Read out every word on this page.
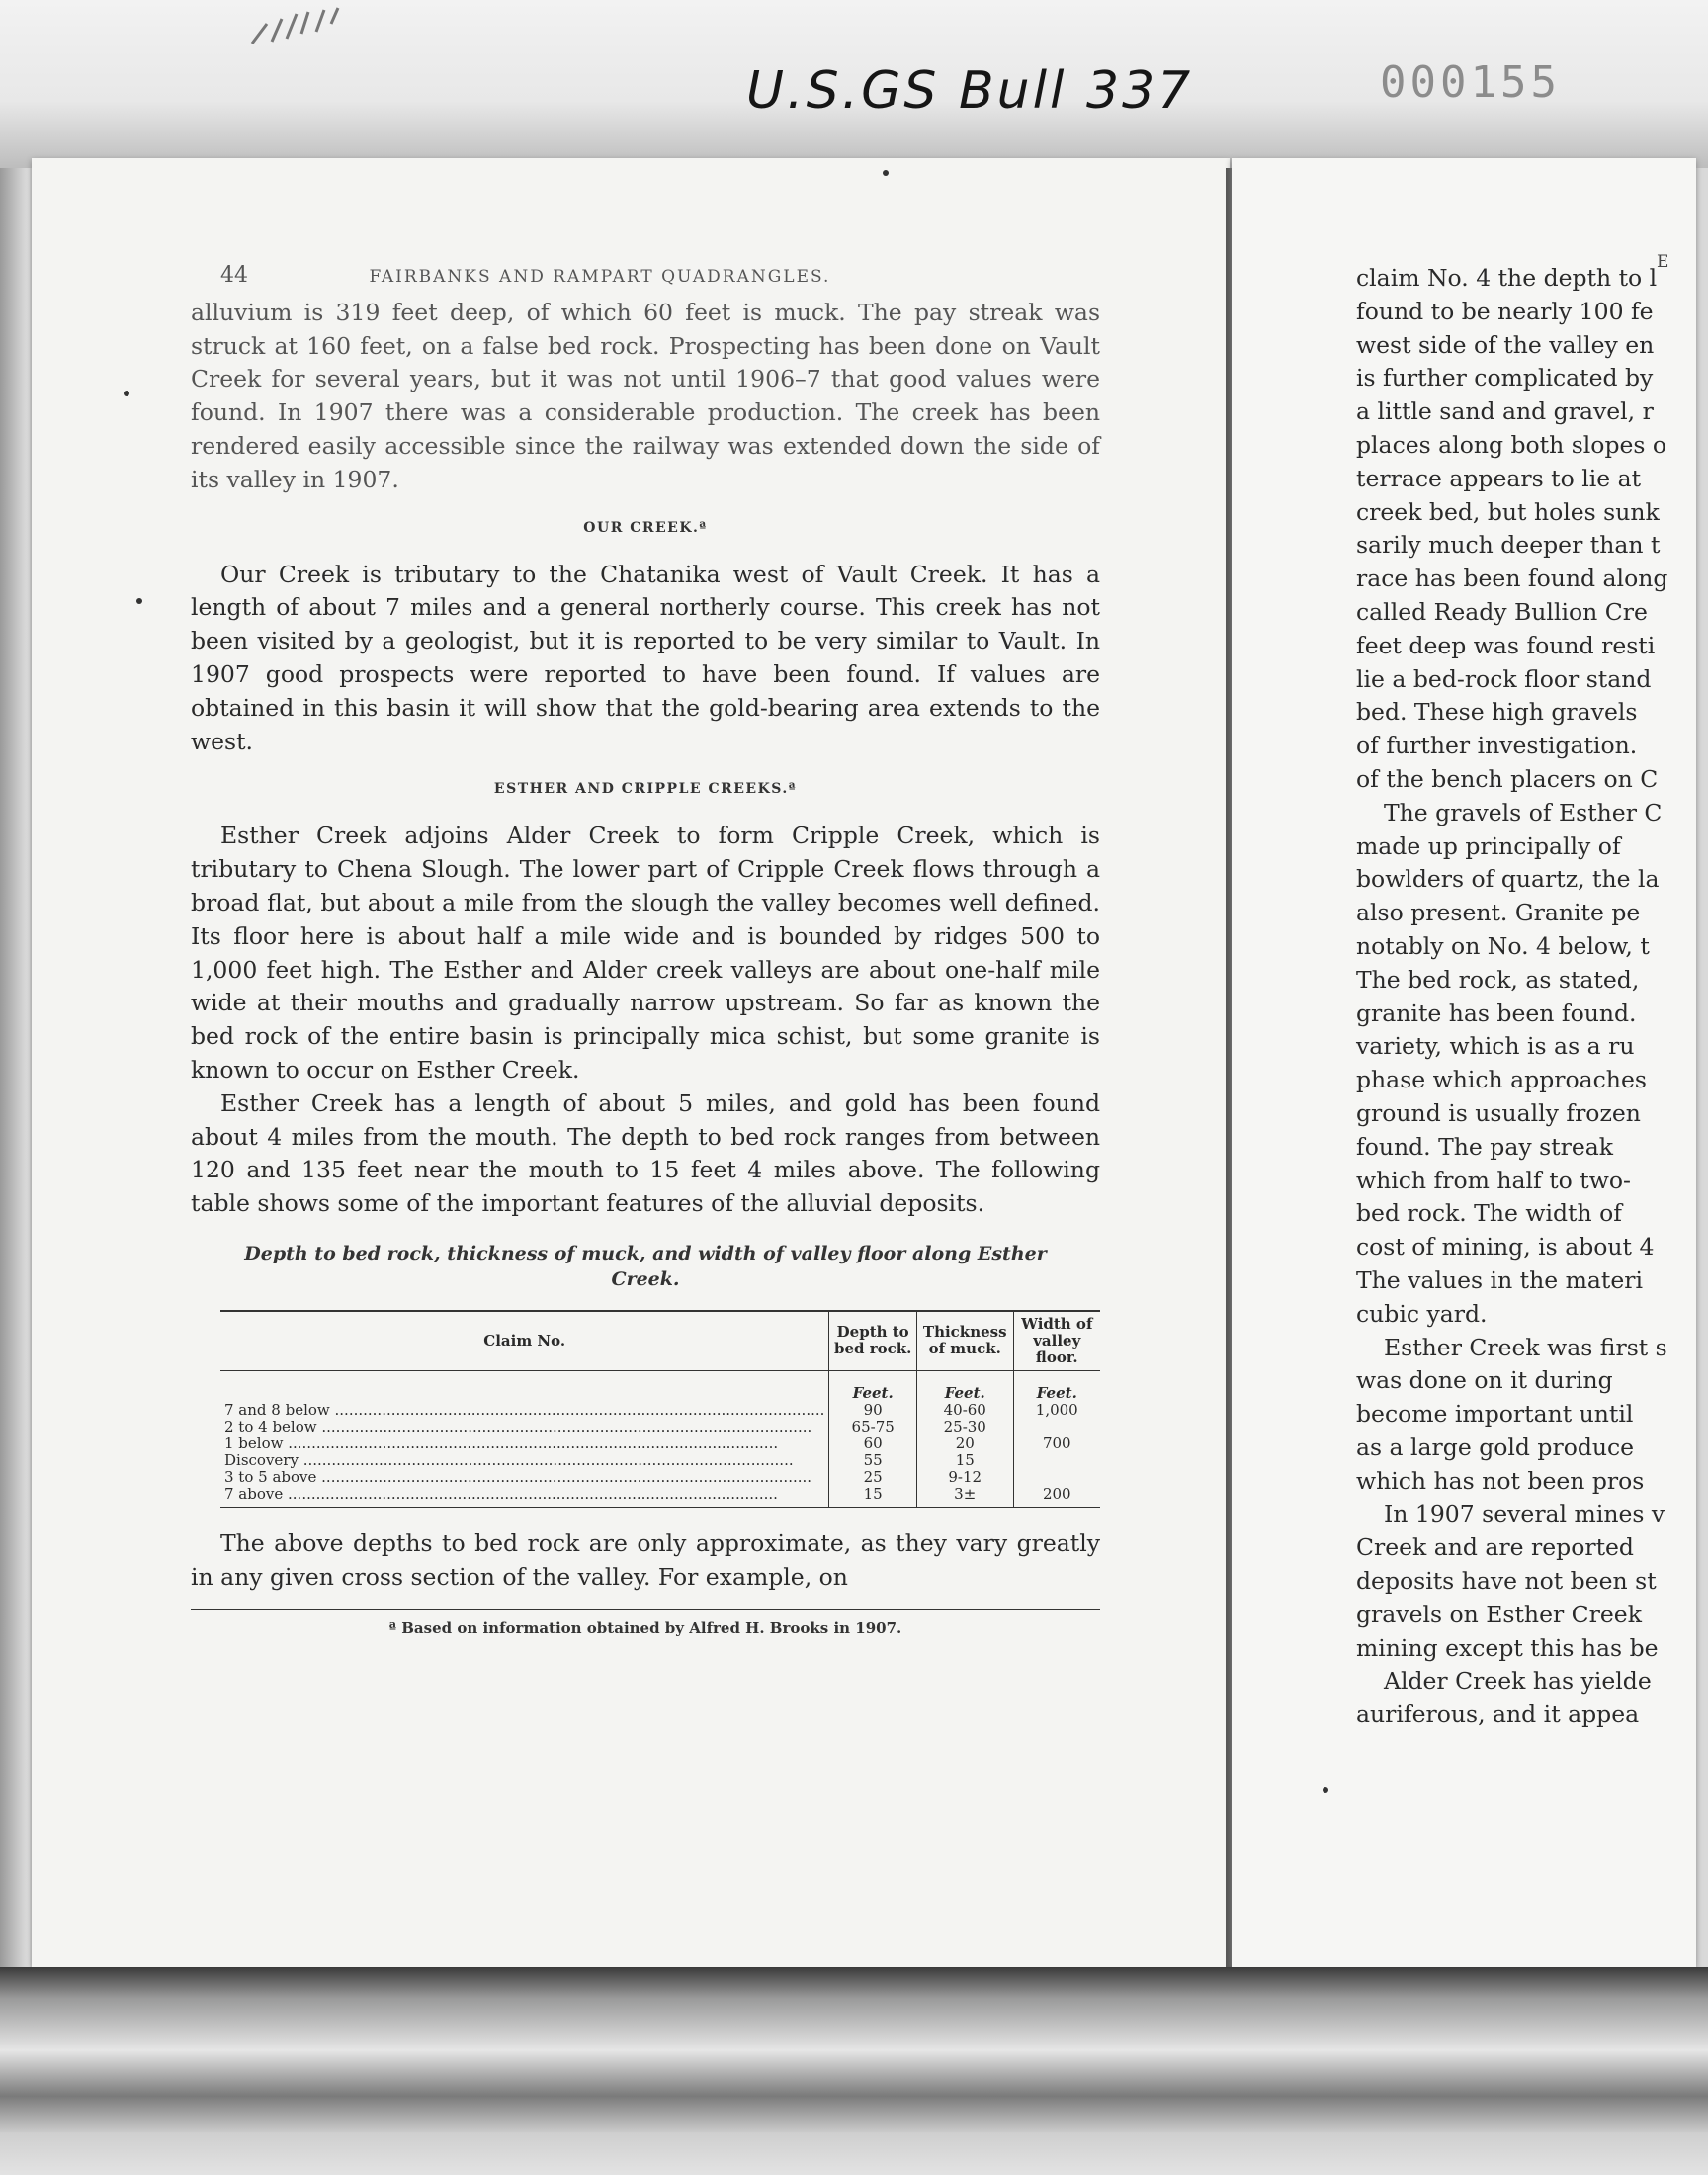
U.S.GS Bull 337	000155
E
claim No. 4 the depth to l
found to be nearly 100 fe
west side of the valley en
is further complicated by
a little sand and gravel, r
places along both slopes o
terrace appears to lie at
creek bed, but holes sunk
sarily much deeper than t
race has been found along
called Ready Bullion Cre
feet deep was found resti
lie a bed-rock floor stand
bed. These high gravels
of further investigation.
of the bench placers on C
The gravels of Esther C
made up principally of
bowlders of quartz, the la
also present. Granite pe
notably on No. 4 below, t
The bed rock, as stated,
granite has been found.
variety, which is as a ru
phase which approaches
ground is usually frozen
found. The pay streak
which from half to two-
bed rock. The width of
cost of mining, is about 4
The values in the materi
cubic yard.
Esther Creek was first s
was done on it during
become important until
as a large gold produce
which has not been pros
In 1907 several mines v
Creek and are reported
deposits have not been st
gravels on Esther Creek
mining except this has be
Alder Creek has yielde
auriferous, and it appea
44	FAIRBANKS AND RAMPART QUADRANGLES.

alluvium is 319 feet deep, of which 60 feet is muck. The pay streak was struck at 160 feet, on a false bed rock. Prospecting has been done on Vault Creek for several years, but it was not until 1906–7 that good values were found. In 1907 there was a considerable production. The creek has been rendered easily accessible since the railway was extended down the side of its valley in 1907.

OUR CREEK.ª

Our Creek is tributary to the Chatanika west of Vault Creek. It has a length of about 7 miles and a general northerly course. This creek has not been visited by a geologist, but it is reported to be very similar to Vault. In 1907 good prospects were reported to have been found. If values are obtained in this basin it will show that the gold-bearing area extends to the west.

ESTHER AND CRIPPLE CREEKS.ª

Esther Creek adjoins Alder Creek to form Cripple Creek, which is tributary to Chena Slough. The lower part of Cripple Creek flows through a broad flat, but about a mile from the slough the valley becomes well defined. Its floor here is about half a mile wide and is bounded by ridges 500 to 1,000 feet high. The Esther and Alder creek valleys are about one-half mile wide at their mouths and gradually narrow upstream. So far as known the bed rock of the entire basin is principally mica schist, but some granite is known to occur on Esther Creek.

Esther Creek has a length of about 5 miles, and gold has been found about 4 miles from the mouth. The depth to bed rock ranges from between 120 and 135 feet near the mouth to 15 feet 4 miles above. The following table shows some of the important features of the alluvial deposits.

Depth to bed rock, thickness of muck, and width of valley floor along Esther Creek.
Claim No.	Depth to bed rock.	Thickness of muck.	Width of valley floor.
	Feet.	Feet.	Feet.

7 and 8 below .....	90	40-60	1,000

2 to 4 below .....	65-75	25-30	

1 below .....	60	20	700

Discovery .....	55	15	

3 to 5 above .....	25	9-12	

7 above .....	15	3±	200

The above depths to bed rock are only approximate, as they vary greatly in any given cross section of the valley. For example, on

ª Based on information obtained by Alfred H. Brooks in 1907.
